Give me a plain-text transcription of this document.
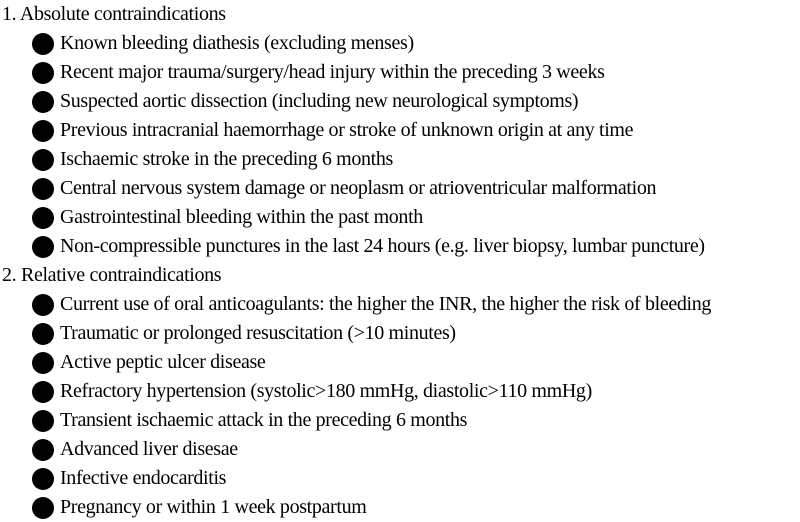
1. Absolute contraindications
Known bleeding diathesis (excluding menses)
Recent major trauma/surgery/head injury within the preceding 3 weeks
Suspected aortic dissection (including new neurological symptoms)
Previous intracranial haemorrhage or stroke of unknown origin at any time
Ischaemic stroke in the preceding 6 months
Central nervous system damage or neoplasm or atrioventricular malformation
Gastrointestinal bleeding within the past month
Non-compressible punctures in the last 24 hours (e.g. liver biopsy, lumbar puncture)
2. Relative contraindications
Current use of oral anticoagulants: the higher the INR, the higher the risk of bleeding
Traumatic or prolonged resuscitation (>10 minutes)
Active peptic ulcer disease
Refractory hypertension (systolic>180 mmHg, diastolic>110 mmHg)
Transient ischaemic attack in the preceding 6 months
Advanced liver disesae
Infective endocarditis
Pregnancy or within 1 week postpartum
